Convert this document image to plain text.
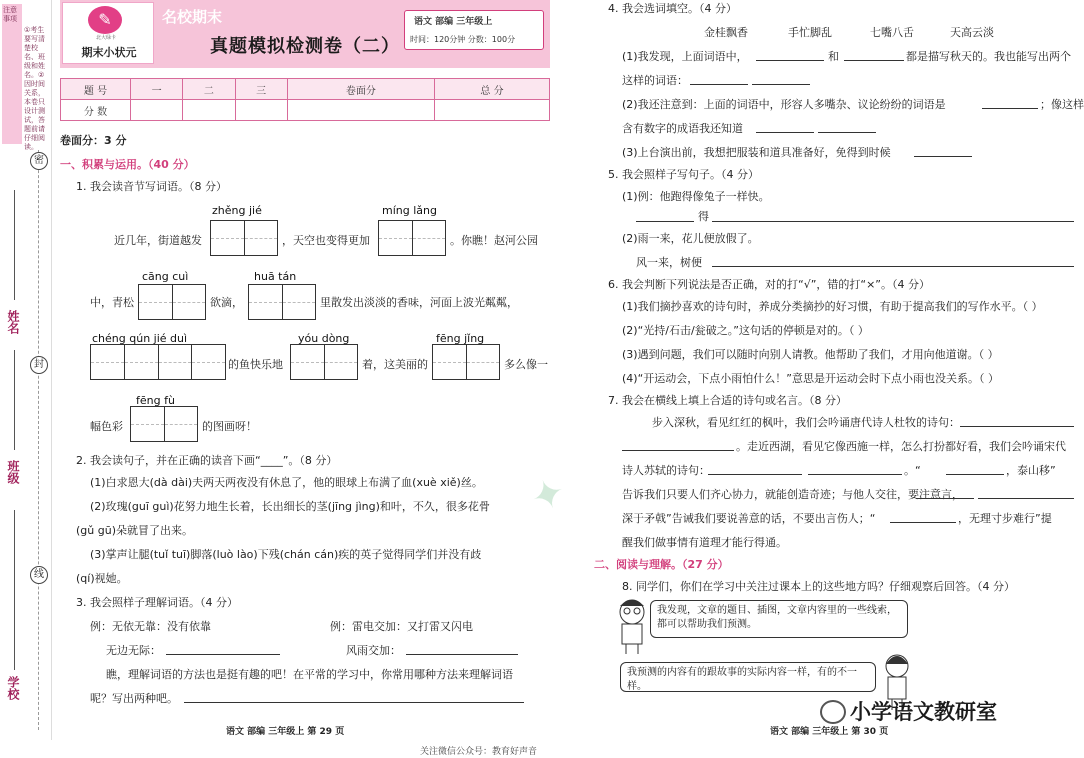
注意事项
①考生要写清楚校名、班级和姓名。②因时间关系，本卷只设计测试，答题前请仔细阅读。
密
封
线
姓名
班级
学校
✎
北大绿卡
期末小状元
名校期末
真题模拟检测卷（二）
语文 部编 三年级上
时间：120分钟 分数：100分
题 号	一	二	三	卷面分	总 分
分 数					
卷面分：3 分
一、积累与运用。（40 分）
1. 我会读音节写词语。（8 分）
zhěng jié	míng lǎng
近几年，街道越发	，天空也变得更加	。你瞧！赵河公园
cāng cuì	huā tán
中，青松	欲滴，	里散发出淡淡的香味，河面上波光粼粼，
chéng qún jié duì	yóu dòng	fēng jǐng
的鱼快乐地	着，这美丽的	多么像一
fēng fù
幅色彩	的图画呀！
2. 我会读句子，并在正确的读音下画“____”。（8 分）
(1)白求恩大(dà dài)夫两天两夜没有休息了，他的眼球上布满了血(xuè xiě)丝。
(2)玫瑰(guī guì)花努力地生长着，长出细长的茎(jīng jìng)和叶，不久，很多花骨
(gǔ gū)朵就冒了出来。
(3)掌声让腿(tuǐ tuī)脚落(luò lào)下残(chán cán)疾的英子觉得同学们并没有歧
(qí)视她。
3. 我会照样子理解词语。（4 分）
例：无依无靠：没有依靠	例：雷电交加：又打雷又闪电
无边无际：	风雨交加：
瞧，理解词语的方法也是挺有趣的吧！在平常的学习中，你常用哪种方法来理解词语
呢？写出两种吧。
语文 部编 三年级上 第 29 页
4. 我会选词填空。（4 分）
金桂飘香	手忙脚乱	七嘴八舌	天高云淡
(1)我发现，上面词语中，	和	都是描写秋天的。我也能写出两个
这样的词语：
(2)我还注意到：上面的词语中，形容人多嘴杂、议论纷纷的词语是	；像这样
含有数字的成语我还知道
(3)上台演出前，我想把服装和道具准备好，免得到时候
5. 我会照样子写句子。（4 分）
(1)例：他跑得像兔子一样快。
得
(2)雨一来，花儿便放假了。
风一来，树便
6. 我会判断下列说法是否正确，对的打“√”，错的打“×”。（4 分）
(1)我们摘抄喜欢的诗句时，养成分类摘抄的好习惯，有助于提高我们的写作水平。（ ）
(2)“光持/石击/瓮破之。”这句话的停顿是对的。（ ）
(3)遇到问题，我们可以随时向别人请教。他帮助了我们，才用向他道谢。（ ）
(4)“开运动会，下点小雨怕什么！”意思是开运动会时下点小雨也没关系。（ ）
7. 我会在横线上填上合适的诗句或名言。（8 分）
步入深秋，看见红红的枫叶，我们会吟诵唐代诗人杜牧的诗句：
。走近西湖，看见它像西施一样，怎么打扮都好看，我们会吟诵宋代
诗人苏轼的诗句：	。“	，泰山移”
告诉我们只要人们齐心协力，就能创造奇迹；与他人交往，要注意言，
深于矛戟”告诫我们要说善意的话，不要出言伤人；“	，无理寸步难行”提
醒我们做事情有道理才能行得通。
二、阅读与理解。（27 分）
8. 同学们，你们在学习中关注过课本上的这些地方吗？仔细观察后回答。（4 分）
我发现，文章的题目、插图，文章内容里的一些线索，都可以帮助我们预测。
我预测的内容有的跟故事的实际内容一样，有的不一样。
✦
语文 部编 三年级上 第 30 页
小学语文教研室
关注微信公众号：教育好声音
